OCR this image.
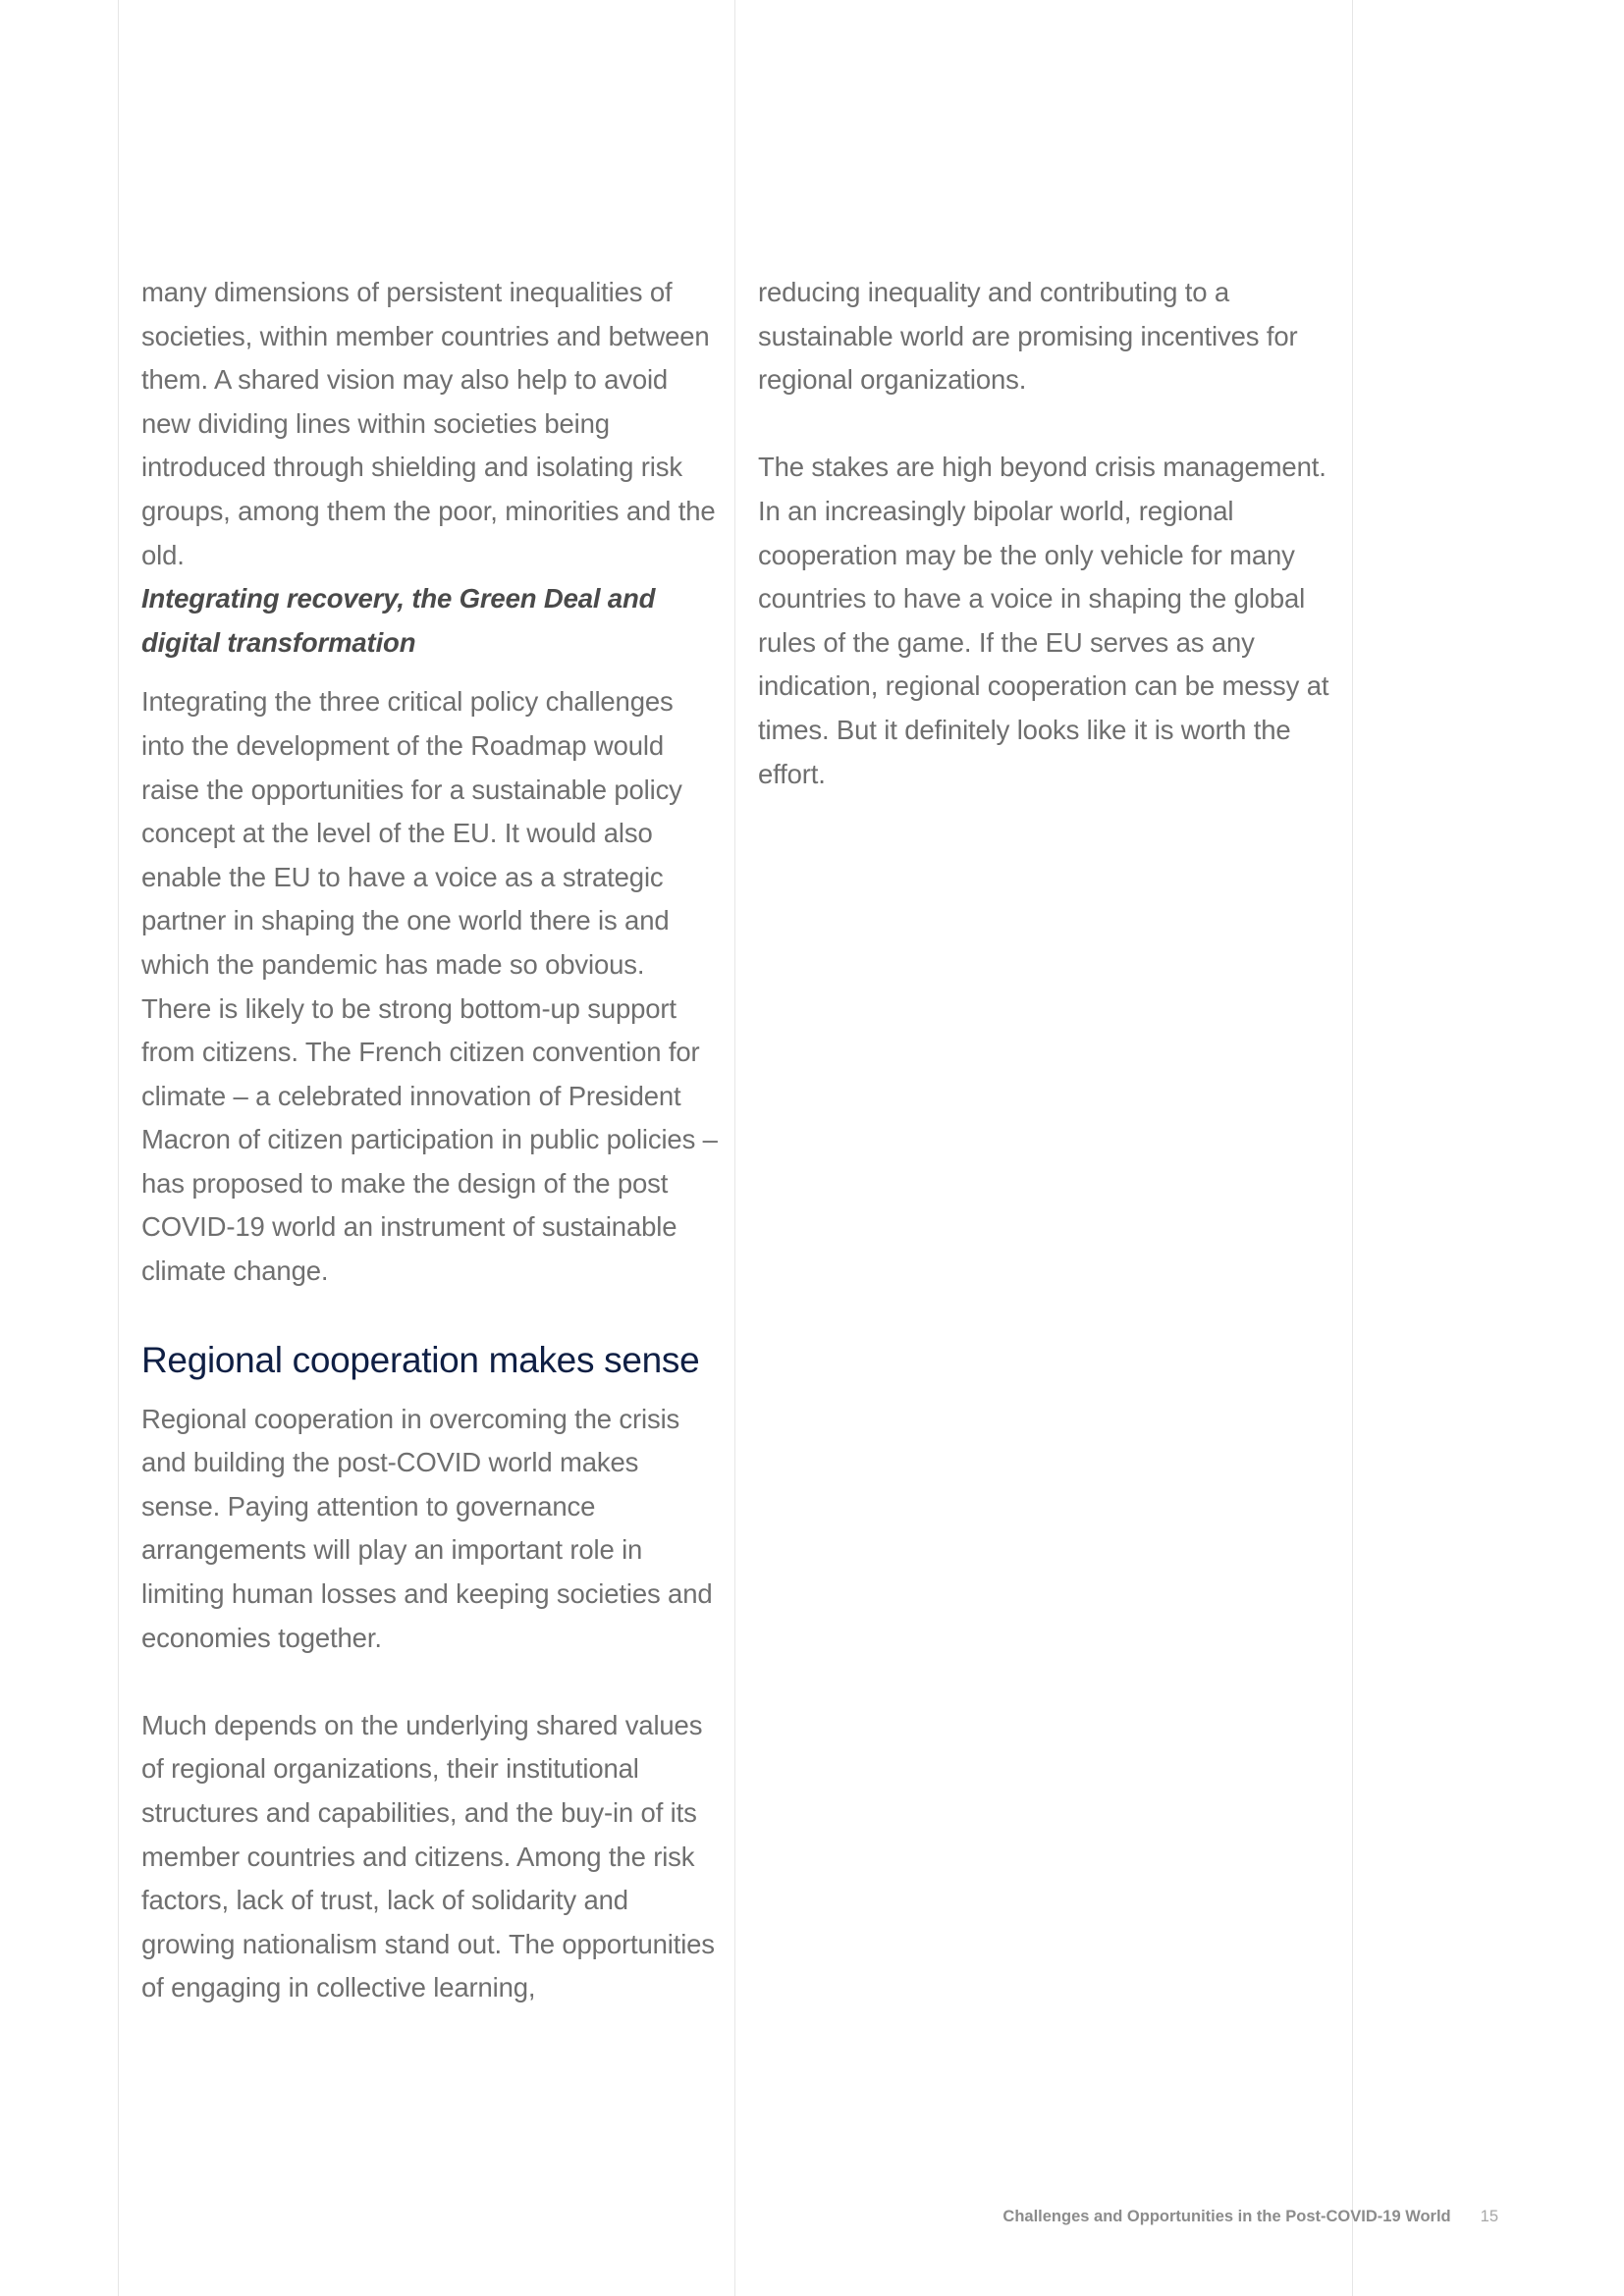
many dimensions of persistent inequalities of societies, within member countries and between them. A shared vision may also help to avoid new dividing lines within societies being introduced through shielding and isolating risk groups, among them the poor, minorities and the old.

Integrating recovery, the Green Deal and digital transformation

Integrating the three critical policy challenges into the development of the Roadmap would raise the opportunities for a sustainable policy concept at the level of the EU. It would also enable the EU to have a voice as a strategic partner in shaping the one world there is and which the pandemic has made so obvious. There is likely to be strong bottom-up support from citizens. The French citizen convention for climate – a celebrated innovation of President Macron of citizen participation in public policies – has proposed to make the design of the post COVID-19 world an instrument of sustainable climate change.

Regional cooperation makes sense

Regional cooperation in overcoming the crisis and building the post-COVID world makes sense. Paying attention to governance arrangements will play an important role in limiting human losses and keeping societies and economies together.

Much depends on the underlying shared values of regional organizations, their institutional structures and capabilities, and the buy-in of its member countries and citizens. Among the risk factors, lack of trust, lack of solidarity and growing nationalism stand out. The opportunities of engaging in collective learning,

reducing inequality and contributing to a sustainable world are promising incentives for regional organizations.

The stakes are high beyond crisis management. In an increasingly bipolar world, regional cooperation may be the only vehicle for many countries to have a voice in shaping the global rules of the game. If the EU serves as any indication, regional cooperation can be messy at times. But it definitely looks like it is worth the effort.

Challenges and Opportunities in the Post-COVID-19 World 15
